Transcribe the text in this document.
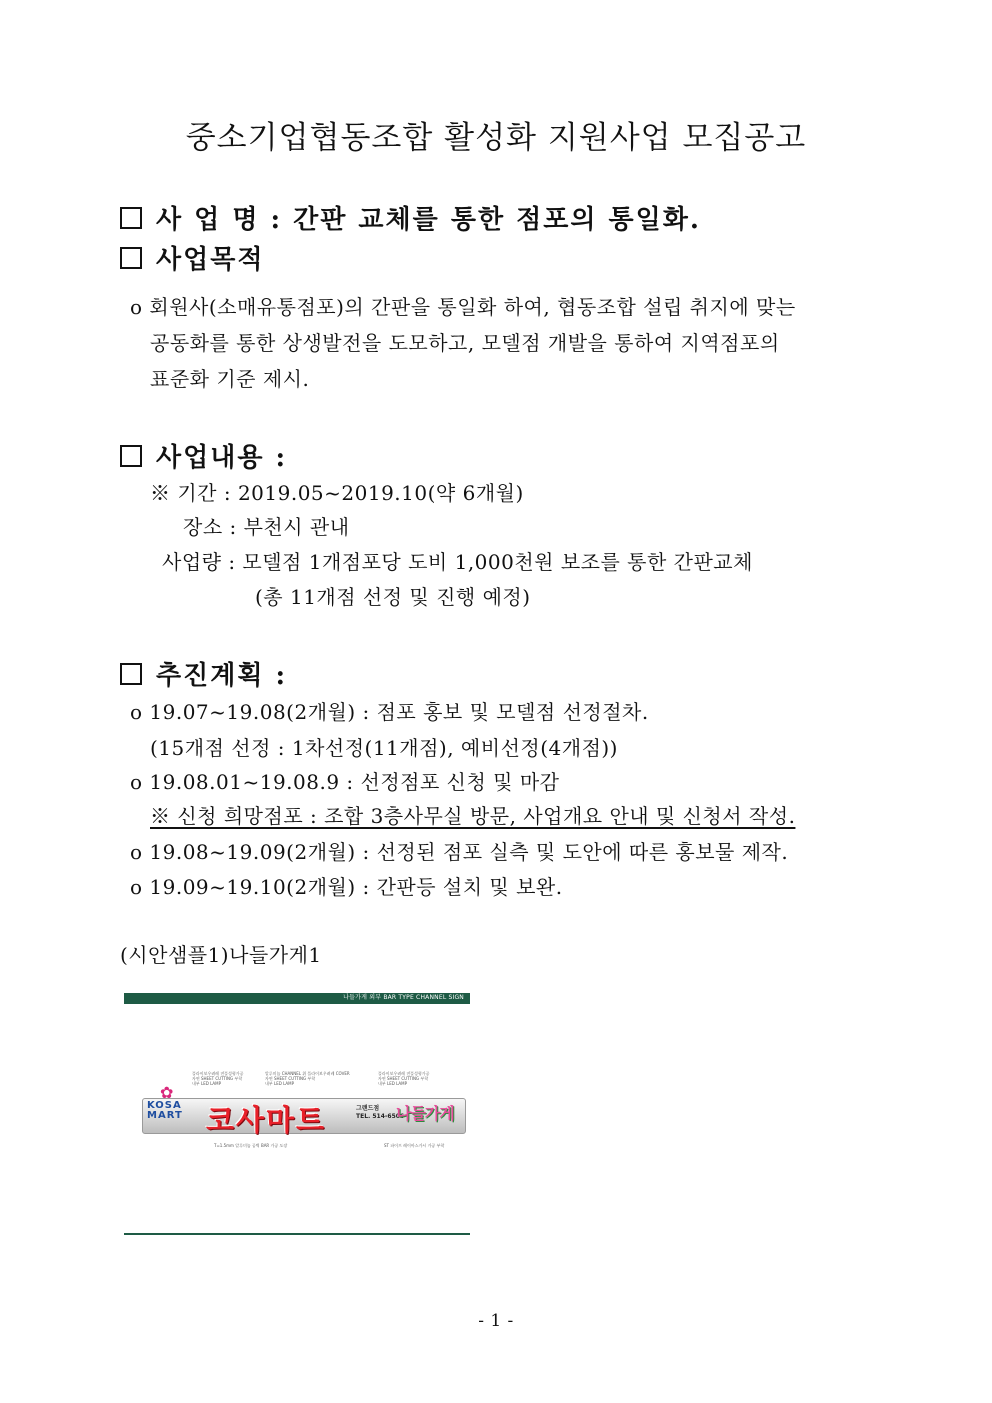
중소기업협동조합 활성화 지원사업 모집공고
사 업 명 : 간판 교체를 통한 점포의 통일화.
사업목적
o 회원사(소매유통점포)의 간판을 통일화 하여, 협동조합 설립 취지에 맞는
공동화를 통한 상생발전을 도모하고, 모델점 개발을 통하여 지역점포의
표준화 기준 제시.
사업내용 :
※ 기간 : 2019.05~2019.10(약 6개월)
장소 : 부천시 관내
사업량 : 모델점 1개점포당 도비 1,000천원 보조를 통한 간판교체
(총 11개점 선정 및 진행 예정)
추진계획 :
o 19.07~19.08(2개월) : 점포 홍보 및 모델점 선정절차.
(15개점 선정 : 1차선정(11개점), 예비선정(4개점))
o 19.08.01~19.08.9 : 선정점포 신청 및 마감
※ 신청 희망점포 : 조합 3층사무실 방문, 사업개요 안내 및 신청서 작성.
o 19.08~19.09(2개월) : 선정된 점포 실측 및 도안에 따른 홍보물 제작.
o 19.09~19.10(2개월) : 간판등 설치 및 보완.
(시안샘플1)나들가게1
나들가게 외부 BAR TYPE CHANNEL SIGN
플라이보우려레 전플성형가공
자연 SHEET CUTTING 부착
내부 LED LAMP
알루미늄 CHANNEL 위 플라이보우려레 COVER
자연 SHEET CUTTING 부착
내부 LED LAMP
플라이보우려레 전플성형가공
자연 SHEET CUTTING 부착
내부 LED LAMP
✿
KOSA
MART 코사마트	그랜드점
TEL. 514-6506
나들가게
T=1.5mm 알루미늄 공벽 BAR 가공 도장	ST 파이프 레이아스가시 가공 부착
- 1 -
